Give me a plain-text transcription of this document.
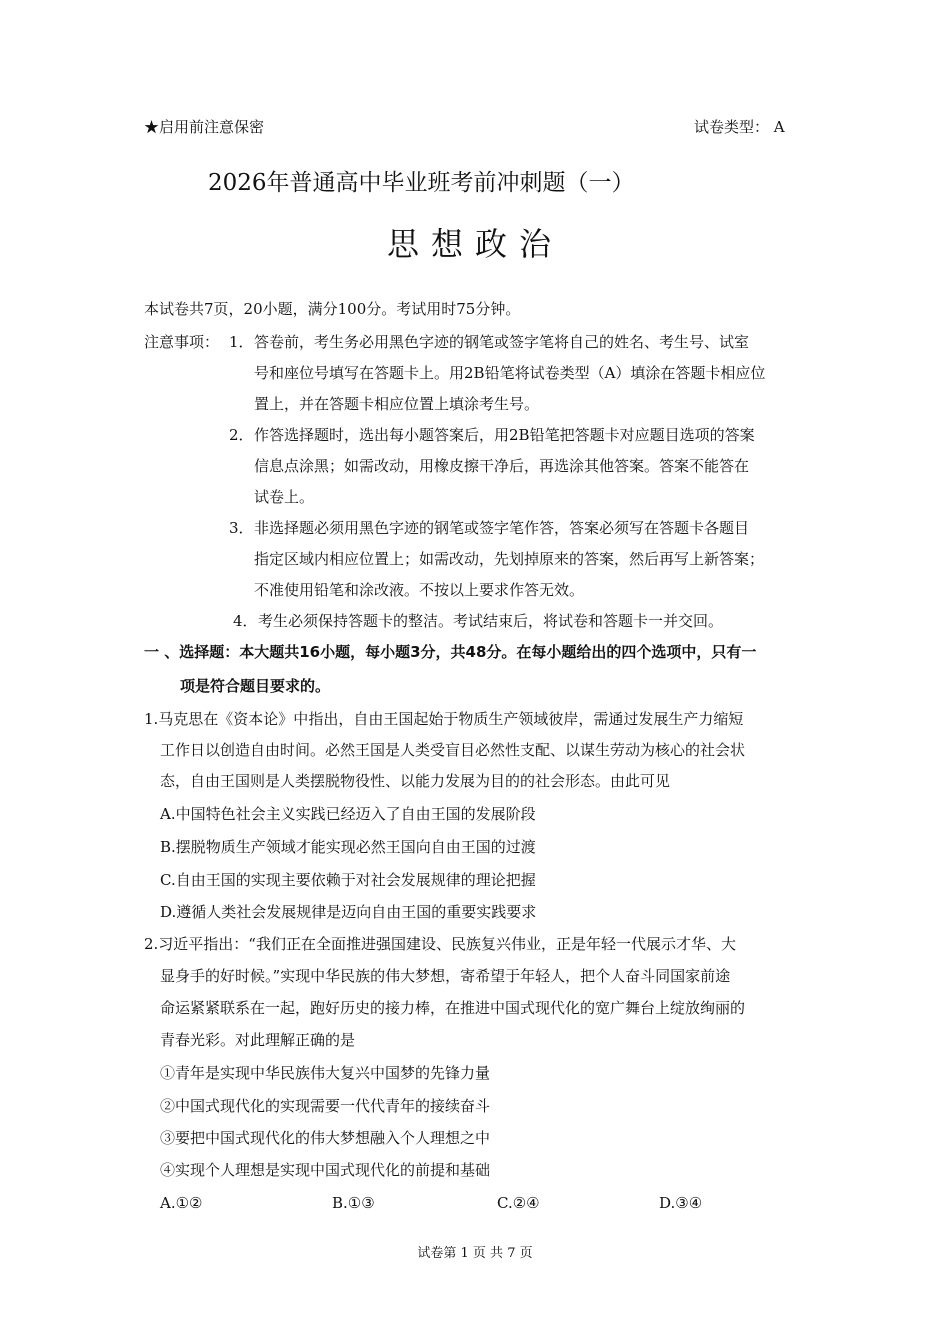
★启用前注意保密	试卷类型： A
2026年普通高中毕业班考前冲刺题（一）
思想政治
本试卷共7页，20小题，满分100分。考试用时75分钟。
注意事项： 1． 答卷前，考生务必用黑色字迹的钢笔或签字笔将自己的姓名、考生号、试室
号和座位号填写在答题卡上。用2B铅笔将试卷类型（A）填涂在答题卡相应位
置上，并在答题卡相应位置上填涂考生号。
2． 作答选择题时，选出每小题答案后，用2B铅笔把答题卡对应题目选项的答案
信息点涂黑；如需改动，用橡皮擦干净后，再选涂其他答案。答案不能答在
试卷上。
3． 非选择题必须用黑色字迹的钢笔或签字笔作答，答案必须写在答题卡各题目
指定区域内相应位置上；如需改动，先划掉原来的答案，然后再写上新答案；
不准使用铅笔和涂改液。不按以上要求作答无效。
4． 考生必须保持答题卡的整洁。考试结束后，将试卷和答题卡一并交回。
一 、选择题：本大题共16小题，每小题3分，共48分。在每小题给出的四个选项中，只有一
项是符合题目要求的。
1.马克思在《资本论》中指出，自由王国起始于物质生产领域彼岸，需通过发展生产力缩短
工作日以创造自由时间。必然王国是人类受盲目必然性支配、以谋生劳动为核心的社会状
态，自由王国则是人类摆脱物役性、以能力发展为目的的社会形态。由此可见
A.中国特色社会主义实践已经迈入了自由王国的发展阶段
B.摆脱物质生产领域才能实现必然王国向自由王国的过渡
C.自由王国的实现主要依赖于对社会发展规律的理论把握
D.遵循人类社会发展规律是迈向自由王国的重要实践要求
2.习近平指出：“我们正在全面推进强国建设、民族复兴伟业，正是年轻一代展示才华、大
显身手的好时候。”实现中华民族的伟大梦想，寄希望于年轻人，把个人奋斗同国家前途
命运紧紧联系在一起，跑好历史的接力棒，在推进中国式现代化的宽广舞台上绽放绚丽的
青春光彩。对此理解正确的是
①青年是实现中华民族伟大复兴中国梦的先锋力量
②中国式现代化的实现需要一代代青年的接续奋斗
③要把中国式现代化的伟大梦想融入个人理想之中
④实现个人理想是实现中国式现代化的前提和基础
A.①②	B.①③	C.②④	D.③④
试卷第 1 页 共 7 页
